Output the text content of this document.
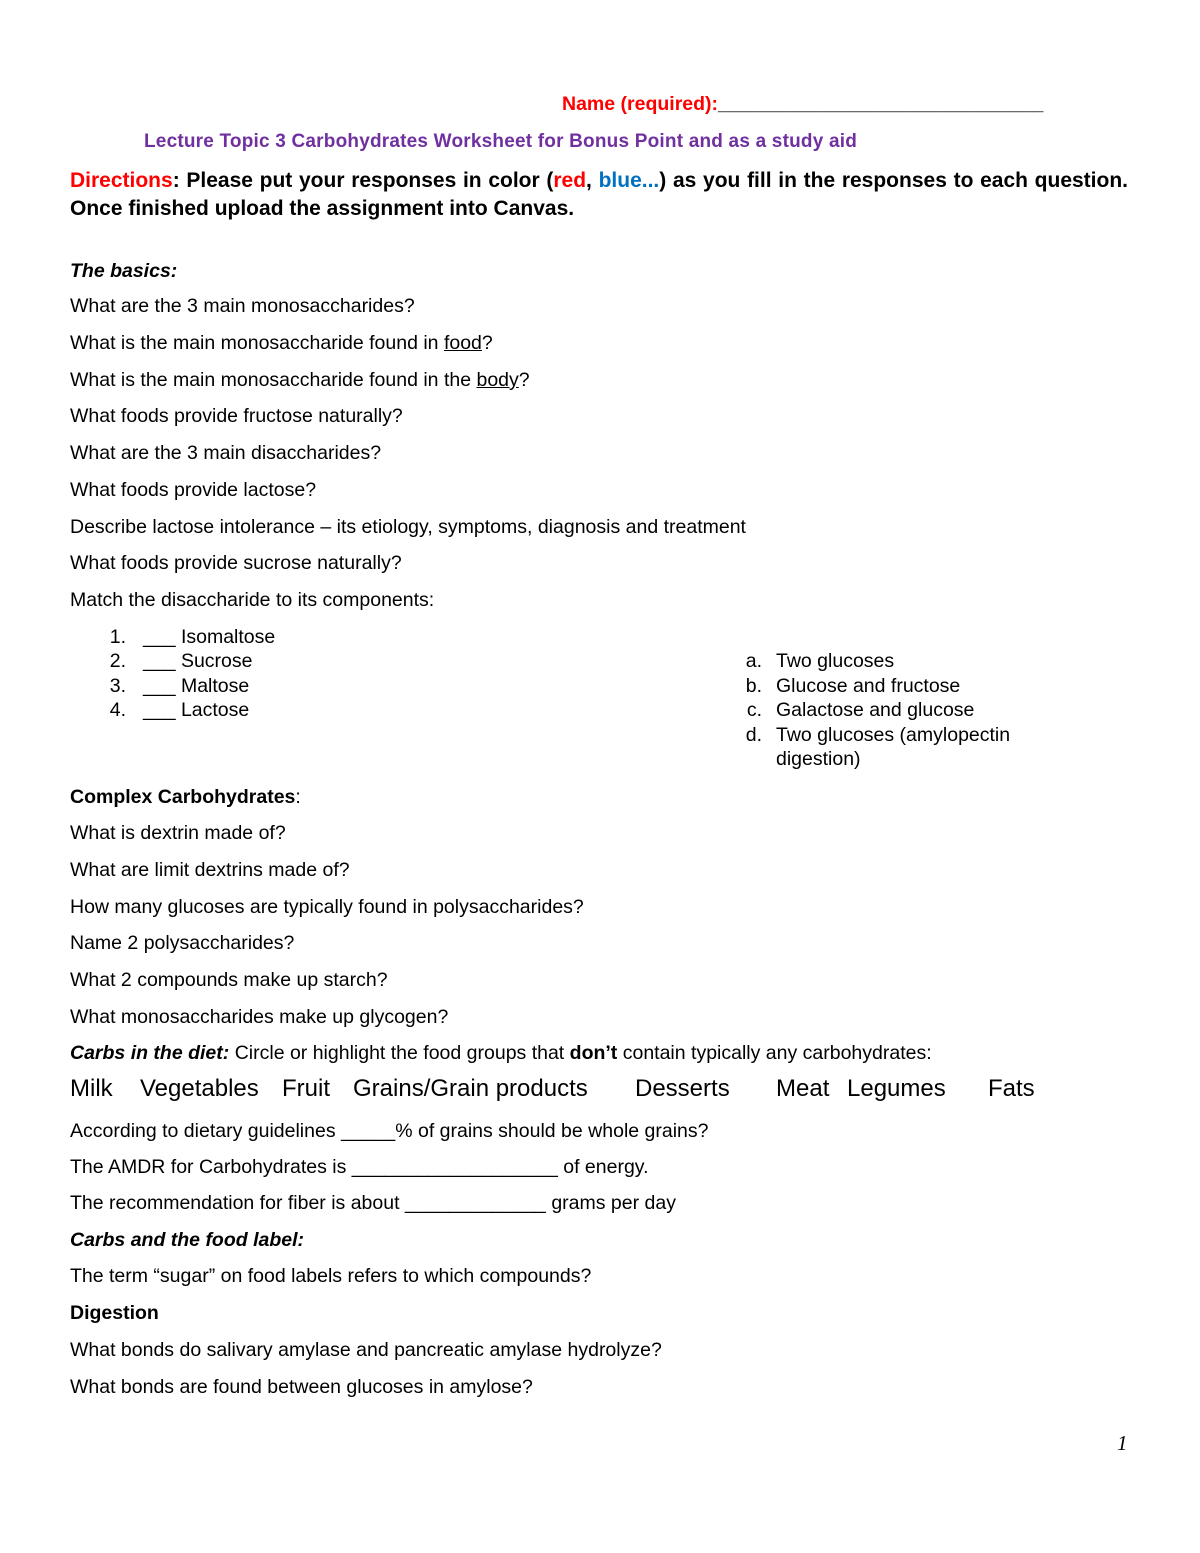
Name (required):______________________________
Lecture Topic 3 Carbohydrates Worksheet for Bonus Point and as a study aid
Directions: Please put your responses in color (red, blue...) as you fill in the responses to each question. Once finished upload the assignment into Canvas.
The basics:
What are the 3 main monosaccharides?
What is the main monosaccharide found in food?
What is the main monosaccharide found in the body?
What foods provide fructose naturally?
What are the 3 main disaccharides?
What foods provide lactose?
Describe lactose intolerance – its etiology, symptoms, diagnosis and treatment
What foods provide sucrose naturally?
Match the disaccharide to its components:
1. ___ Isomaltose
2. ___ Sucrose
3. ___ Maltose
4. ___ Lactose
a. Two glucoses
b. Glucose and fructose
c. Galactose and glucose
d. Two glucoses (amylopectin
digestion)
Complex Carbohydrates:
What is dextrin made of?
What are limit dextrins made of?
How many glucoses are typically found in polysaccharides?
Name 2 polysaccharides?
What 2 compounds make up starch?
What monosaccharides make up glycogen?
Carbs in the diet: Circle or highlight the food groups that don’t contain typically any carbohydrates:
Milk Vegetables Fruit Grains/Grain products Desserts Meat Legumes Fats
According to dietary guidelines _____% of grains should be whole grains?
The AMDR for Carbohydrates is ___________________ of energy.
The recommendation for fiber is about _____________ grams per day
Carbs and the food label:
The term “sugar” on food labels refers to which compounds?
Digestion
What bonds do salivary amylase and pancreatic amylase hydrolyze?
What bonds are found between glucoses in amylose?
1
